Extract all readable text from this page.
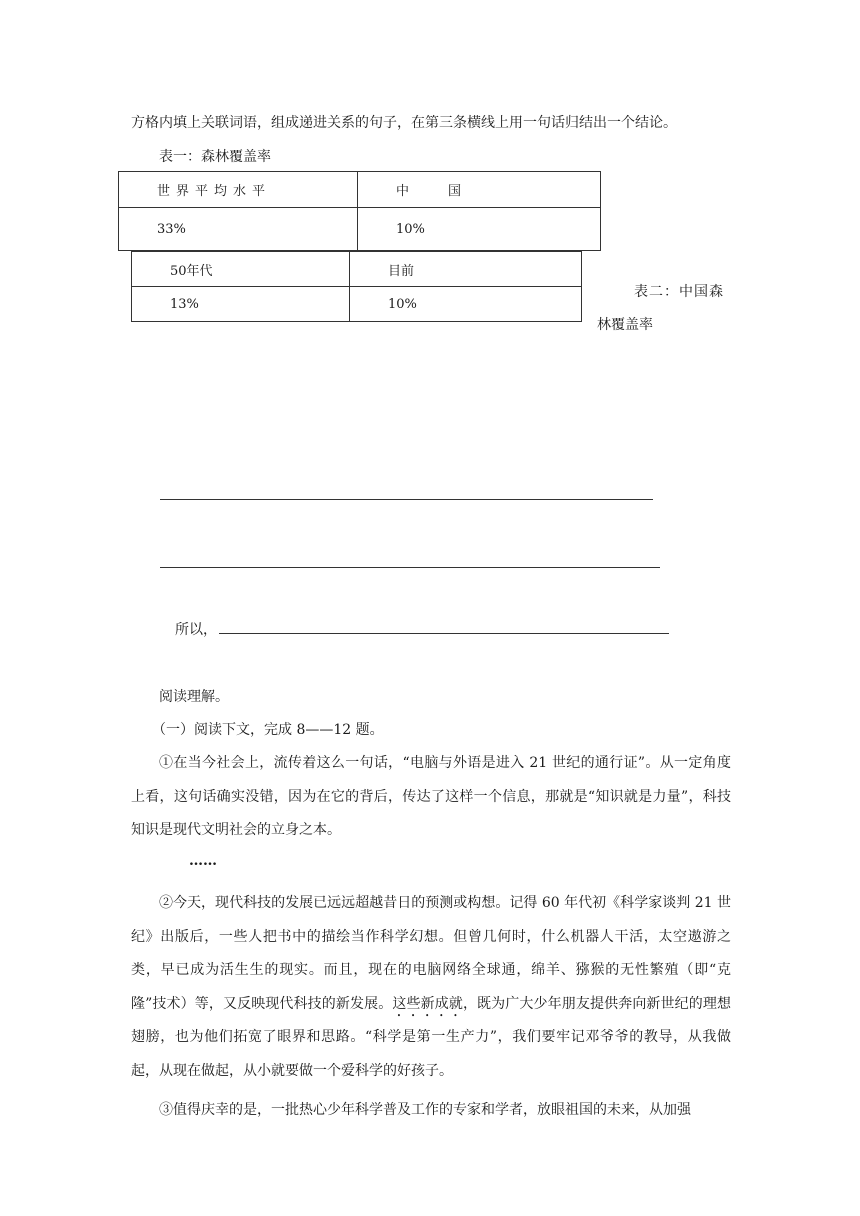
方格内填上关联词语，组成递进关系的句子，在第三条横线上用一句话归结出一个结论。
表一：森林覆盖率
世界平均水平	中　　　国
33%	10%
50年代	目前
13%	10%
表二：中国森
林覆盖率
所以，
阅读理解。
（一）阅读下文，完成 8——12 题。
①在当今社会上，流传着这么一句话，“电脑与外语是进入 21 世纪的通行证”。从一定角度上看，这句话确实没错，因为在它的背后，传达了这样一个信息，那就是“知识就是力量”，科技知识是现代文明社会的立身之本。
……
②今天，现代科技的发展已远远超越昔日的预测或构想。记得 60 年代初《科学家谈判 21 世纪》出版后，一些人把书中的描绘当作科学幻想。但曾几何时，什么机器人干活，太空遨游之类，早已成为活生生的现实。而且，现在的电脑网络全球通，绵羊、猕猴的无性繁殖（即“克隆”技术）等，又反映现代科技的新发展。这些新成就，既为广大少年朋友提供奔向新世纪的理想翅膀，也为他们拓宽了眼界和思路。“科学是第一生产力”，我们要牢记邓爷爷的教导，从我做起，从现在做起，从小就要做一个爱科学的好孩子。
③值得庆幸的是，一批热心少年科学普及工作的专家和学者，放眼祖国的未来，从加强
